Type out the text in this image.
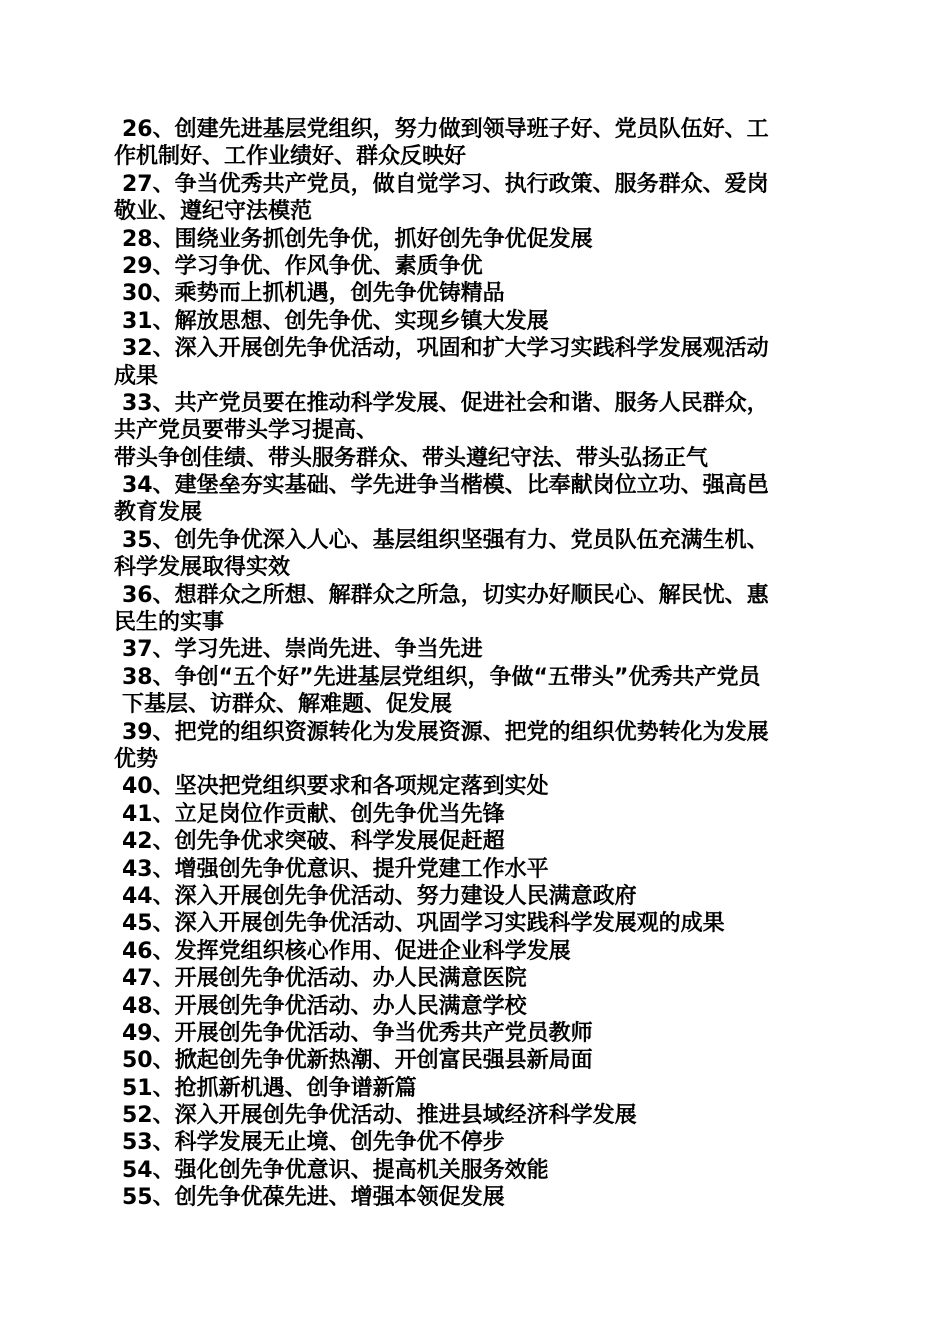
26、创建先进基层党组织，努力做到领导班子好、党员队伍好、工
作机制好、工作业绩好、群众反映好
27、争当优秀共产党员，做自觉学习、执行政策、服务群众、爱岗
敬业、遵纪守法模范
28、围绕业务抓创先争优，抓好创先争优促发展
29、学习争优、作风争优、素质争优
30、乘势而上抓机遇，创先争优铸精品
31、解放思想、创先争优、实现乡镇大发展
32、深入开展创先争优活动，巩固和扩大学习实践科学发展观活动
成果
33、共产党员要在推动科学发展、促进社会和谐、服务人民群众，
共产党员要带头学习提高、
带头争创佳绩、带头服务群众、带头遵纪守法、带头弘扬正气
34、建堡垒夯实基础、学先进争当楷模、比奉献岗位立功、强高邑
教育发展
35、创先争优深入人心、基层组织坚强有力、党员队伍充满生机、
科学发展取得实效
36、想群众之所想、解群众之所急，切实办好顺民心、解民忧、惠
民生的实事
37、学习先进、崇尚先进、争当先进
38、争创“五个好”先进基层党组织，争做“五带头”优秀共产党员
下基层、访群众、解难题、促发展
39、把党的组织资源转化为发展资源、把党的组织优势转化为发展
优势
40、坚决把党组织要求和各项规定落到实处
41、立足岗位作贡献、创先争优当先锋
42、创先争优求突破、科学发展促赶超
43、增强创先争优意识、提升党建工作水平
44、深入开展创先争优活动、努力建设人民满意政府
45、深入开展创先争优活动、巩固学习实践科学发展观的成果
46、发挥党组织核心作用、促进企业科学发展
47、开展创先争优活动、办人民满意医院
48、开展创先争优活动、办人民满意学校
49、开展创先争优活动、争当优秀共产党员教师
50、掀起创先争优新热潮、开创富民强县新局面
51、抢抓新机遇、创争谱新篇
52、深入开展创先争优活动、推进县域经济科学发展
53、科学发展无止境、创先争优不停步
54、强化创先争优意识、提高机关服务效能
55、创先争优葆先进、增强本领促发展
